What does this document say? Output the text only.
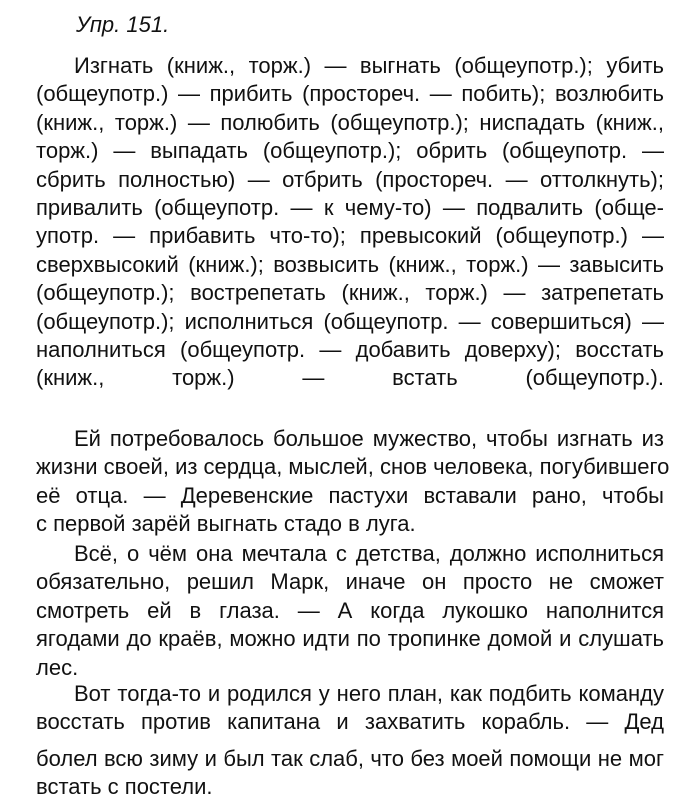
Упр. 151.
Изгнать (книж., торж.) — выгнать (общеупотр.); убить
(общеупотр.) — прибить (простореч. — побить); возлюбить
(книж., торж.) — полюбить (общеупотр.); ниспадать (книж.,
торж.) — выпадать (общеупотр.); обрить (общеупотр. —
сбрить полностью) — отбрить (простореч. — оттолкнуть);
привалить (общеупотр. — к чему-то) — подвалить (обще-
употр. — прибавить что-то); превысокий (общеупотр.) —
сверхвысокий (книж.); возвысить (книж., торж.) — завысить
(общеупотр.); вострепетать (книж., торж.) — затрепетать
(общеупотр.); исполниться (общеупотр. — совершиться) —
наполниться (общеупотр. — добавить доверху); восстать
(книж., торж.) — встать (общеупотр.).
Ей потребовалось большое мужество, чтобы изгнать из
жизни своей, из сердца, мыслей, снов человека, погубившего
её отца. — Деревенские пастухи вставали рано, чтобы
с первой зарёй выгнать стадо в луга.
Всё, о чём она мечтала с детства, должно исполниться
обязательно, решил Марк, иначе он просто не сможет
смотреть ей в глаза. — А когда лукошко наполнится
ягодами до краёв, можно идти по тропинке домой и слушать
лес.
Вот тогда-то и родился у него план, как подбить команду
восстать против капитана и захватить корабль. — Дед
болел всю зиму и был так слаб, что без моей помощи не мог
встать с постели.
